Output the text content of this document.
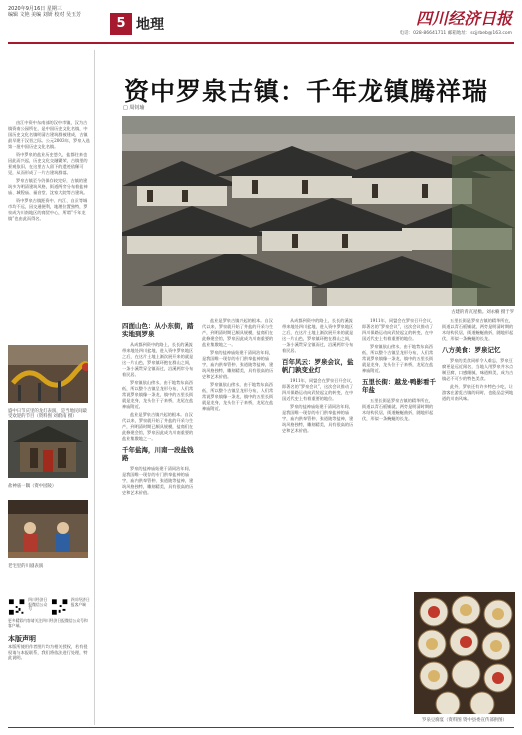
2020年9月16日 星期三
编辑 文艳 美编 刘妍 校对 吴玉芳
5 地理	四川经济日报
电话：028-86641711 邮箱地址：scjjrbeb@163.com

由江中资中东南部的汉中市镇，汉为古镇资南公园所在，是中国历史文化名镇，中国历史文化名镇明清古建筑群被建成，古镇最早建于汉晋之际。公元2003年，罗泉入选第一批中国历史文化名镇。

资中罗泉的盐业历史悠久，盐都往来也因此而兴起，历史文化交融繁荣，古镇里的景观依旧，在这里古人留下的遗迹依稀可见，从而形成了一片古建筑群落。

罗泉古镇至今仍保存较完好，古镇的建筑多为明清建筑风格，街道两旁分布着盐神庙、城隍庙、福音堂、沈家大院等古建筑。

资中罗泉古镇距资中、内江、自贡等城市均不远，因交通便利，地理位置独特，罗泉成为川南地区的商贸中心，所谓“千年龙镇”也由此而得名。

盛中日节庆里的龙灯表演，是当地民间最受欢迎的节目（资料图 刘蔚南 摄）
盐神庙一隅（资中园陵）
老宅里的川剧表演
四川经济日报微信公众号
四川经济日报客户端
更多精彩内容请关注四川经济日报微信公众号和客户端。
本版声明
本版所使用作者图片均为相关授权，若有侵权请与本报联系，我们将依法进行处理，特此说明。
资中罗泉古镇：千年龙镇腾祥瑞
□ 周钊瑜
古建的青瓦屋檐。刘永楠 摄于罗
四面山色：从小东街，踏实地到罗泉

从成都到资中的路上，长长的溪流带来地处四川盆地，进入资中罗泉地区之后，在这片土地上渐次展开来的就是这一片山色，罗泉镇环抱在群山之间，一条小溪贯穿全镇而过，沿溪两岸分布着民居。

罗泉镇依山傍水，由于地势东高西低，所以整个古镇呈龙形分布，人们常常说罗泉镇像一条龙，镇中的五里长街就是龙身，龙头位于子来桥，龙尾在盐神庙附近。

盐业是罗泉古镇兴起的根本。自汉代以来，罗泉就开始了井盐的开采与生产，到明清时期已颇具规模，盐商们在此修建会馆，罗泉因此成为川南重要的盐业集散地之一。

千年盐海，川南一段盐钱路

罗泉的盐神庙始建于清同治年间，是我国唯一现存的专门供奉盐神的庙宇，庙内供奉管仲、张道陵等盐神，建筑风格独特，雕刻精美，具有很高的历史和艺术价值。

盐业是罗泉古镇兴起的根本。自汉代以来，罗泉就开始了井盐的开采与生产，到明清时期已颇具规模，盐商们在此修建会馆，罗泉因此成为川南重要的盐业集散地之一。

罗泉的盐神庙始建于清同治年间，是我国唯一现存的专门供奉盐神的庙宇，庙内供奉管仲、张道陵等盐神，建筑风格独特，雕刻精美，具有很高的历史和艺术价值。

罗泉镇依山傍水，由于地势东高西低，所以整个古镇呈龙形分布，人们常常说罗泉镇像一条龙，镇中的五里长街就是龙身，龙头位于子来桥，龙尾在盐神庙附近。

从成都到资中的路上，长长的溪流带来地处四川盆地，进入资中罗泉地区之后，在这片土地上渐次展开来的就是这一片山色，罗泉镇环抱在群山之间，一条小溪贯穿全镇而过，沿溪两岸分布着民居。

百年风云：罗泉会议，盐帆门孰变业灯

1911年，同盟会在罗泉召开会议，即著名的“罗泉会议”，这次会议推动了四川保路运动向武装起义的转变，在中国近代史上有着重要的地位。

罗泉的盐神庙始建于清同治年间，是我国唯一现存的专门供奉盐神的庙宇，庙内供奉管仲、张道陵等盐神，建筑风格独特，雕刻精美，具有很高的历史和艺术价值。

1911年，同盟会在罗泉召开会议，即著名的“罗泉会议”，这次会议推动了四川保路运动向武装起义的转变，在中国近代史上有着重要的地位。

罗泉镇依山傍水，由于地势东高西低，所以整个古镇呈龙形分布，人们常常说罗泉镇像一条龙，镇中的五里长街就是龙身，龙头位于子来桥，龙尾在盐神庙附近。

五里长街：越龙·鸭影看千年盐

五里长街是罗泉古镇的精华所在，街道以青石板铺就，两旁是明清时期的木结构民居，街道蜿蜒曲折，随地形起伏，形似一条蜿蜒的长龙。

五里长街是罗泉古镇的精华所在，街道以青石板铺就，两旁是明清时期的木结构民居，街道蜿蜒曲折，随地形起伏，形似一条蜿蜒的长龙。

八方美食：罗泉记忆

罗泉的美食同样令人难忘，罗泉豆腐更是远近闻名，当地人用罗泉井水点制豆腐，口感细腻、味道鲜美，成为古镇必不可少的特色美食。

此外，罗泉还有许多特色小吃，让游客在游览古镇的同时，也能品尝到地道的川南风味。

罗泉豆腐宴（资料图 资中县委宣传部供图）
